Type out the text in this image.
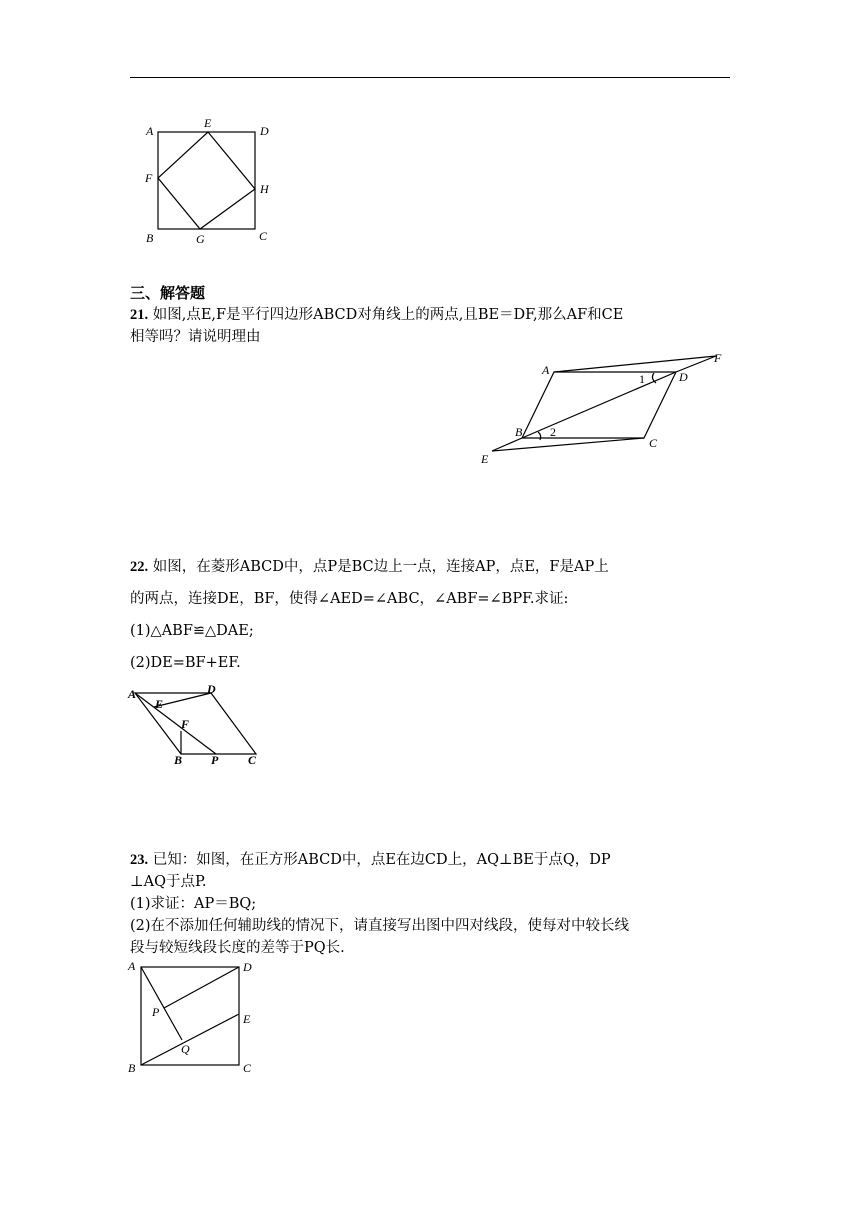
A
E
D
F
H
B	G	C
三、解答题
21. 如图,点E,F是平行四边形ABCD对角线上的两点,且BE＝DF,那么AF和CE
相等吗？请说明理由
A
F
D
1
B 2
C
E
22. 如图，在菱形ABCD中，点P是BC边上一点，连接AP，点E，F是AP上
的两点，连接DE，BF，使得∠AED=∠ABC，∠ABF=∠BPF.求证:
(1)△ABF≌△DAE;
(2)DE=BF+EF.
A	D
E
F
B P C
23. 已知：如图，在正方形ABCD中，点E在边CD上，AQ⊥BE于点Q，DP
⊥AQ于点P.
(1)求证：AP＝BQ;
(2)在不添加任何辅助线的情况下，请直接写出图中四对线段，使每对中较长线
段与较短线段长度的差等于PQ长.
A	D
P	E
Q
B	C
